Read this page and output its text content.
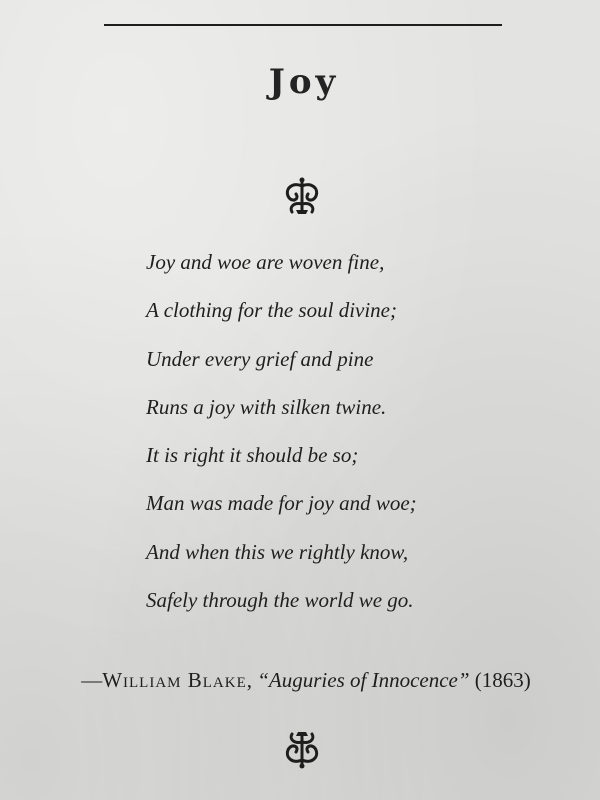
Joy
Joy and woe are woven fine,
A clothing for the soul divine;
Under every grief and pine
Runs a joy with silken twine.
It is right it should be so;
Man was made for joy and woe;
And when this we rightly know,
Safely through the world we go.
—William Blake, “Auguries of Innocence” (1863)
